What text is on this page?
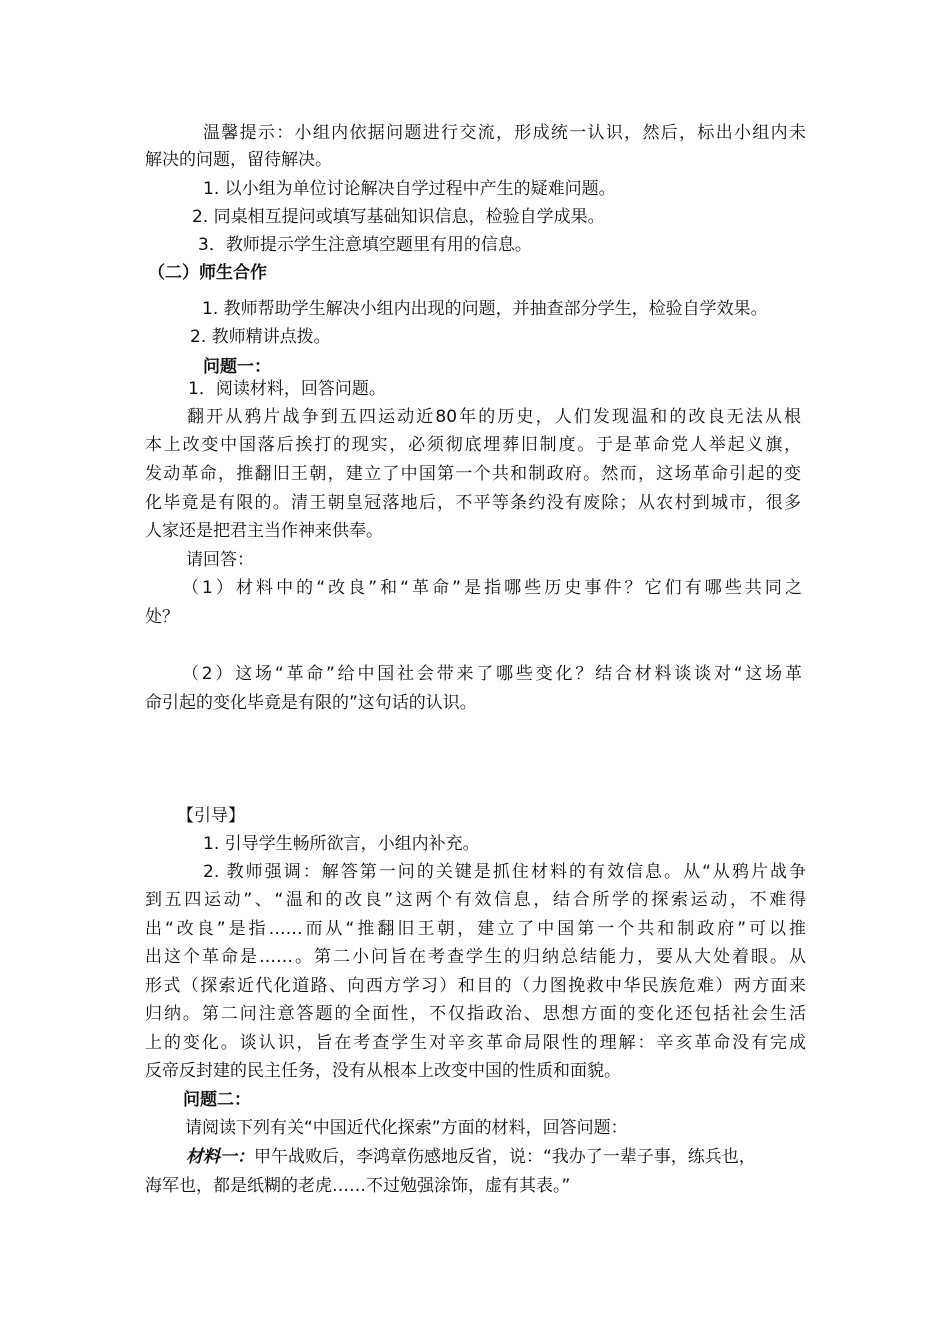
温馨提示：小组内依据问题进行交流，形成统一认识，然后，标出小组内未
解决的问题，留待解决。
1. 以小组为单位讨论解决自学过程中产生的疑难问题。
2. 同桌相互提问或填写基础知识信息，检验自学成果。
3．教师提示学生注意填空题里有用的信息。
（二）师生合作
1. 教师帮助学生解决小组内出现的问题，并抽查部分学生，检验自学效果。
2. 教师精讲点拨。
问题一：
1．阅读材料，回答问题。
翻开从鸦片战争到五四运动近80年的历史，人们发现温和的改良无法从根
本上改变中国落后挨打的现实，必须彻底埋葬旧制度。于是革命党人举起义旗，
发动革命，推翻旧王朝，建立了中国第一个共和制政府。然而，这场革命引起的变
化毕竟是有限的。清王朝皇冠落地后，不平等条约没有废除；从农村到城市，很多
人家还是把君主当作神来供奉。
请回答：
（1）材料中的“改良”和“革命”是指哪些历史事件？它们有哪些共同之
处？
（2）这场“革命”给中国社会带来了哪些变化？结合材料谈谈对“这场革
命引起的变化毕竟是有限的”这句话的认识。
【引导】
1. 引导学生畅所欲言，小组内补充。
2. 教师强调：解答第一问的关键是抓住材料的有效信息。从“从鸦片战争
到五四运动”、“温和的改良”这两个有效信息，结合所学的探索运动，不难得
出“改良”是指……而从“推翻旧王朝，建立了中国第一个共和制政府”可以推
出这个革命是……。第二小问旨在考查学生的归纳总结能力，要从大处着眼。从
形式（探索近代化道路、向西方学习）和目的（力图挽救中华民族危难）两方面来
归纳。第二问注意答题的全面性，不仅指政治、思想方面的变化还包括社会生活
上的变化。谈认识，旨在考查学生对辛亥革命局限性的理解：辛亥革命没有完成
反帝反封建的民主任务，没有从根本上改变中国的性质和面貌。
问题二：
请阅读下列有关“中国近代化探索”方面的材料，回答问题：
材料一：甲午战败后，李鸿章伤感地反省，说：“我办了一辈子事，练兵也，
海军也，都是纸糊的老虎……不过勉强涂饰，虚有其表。”
